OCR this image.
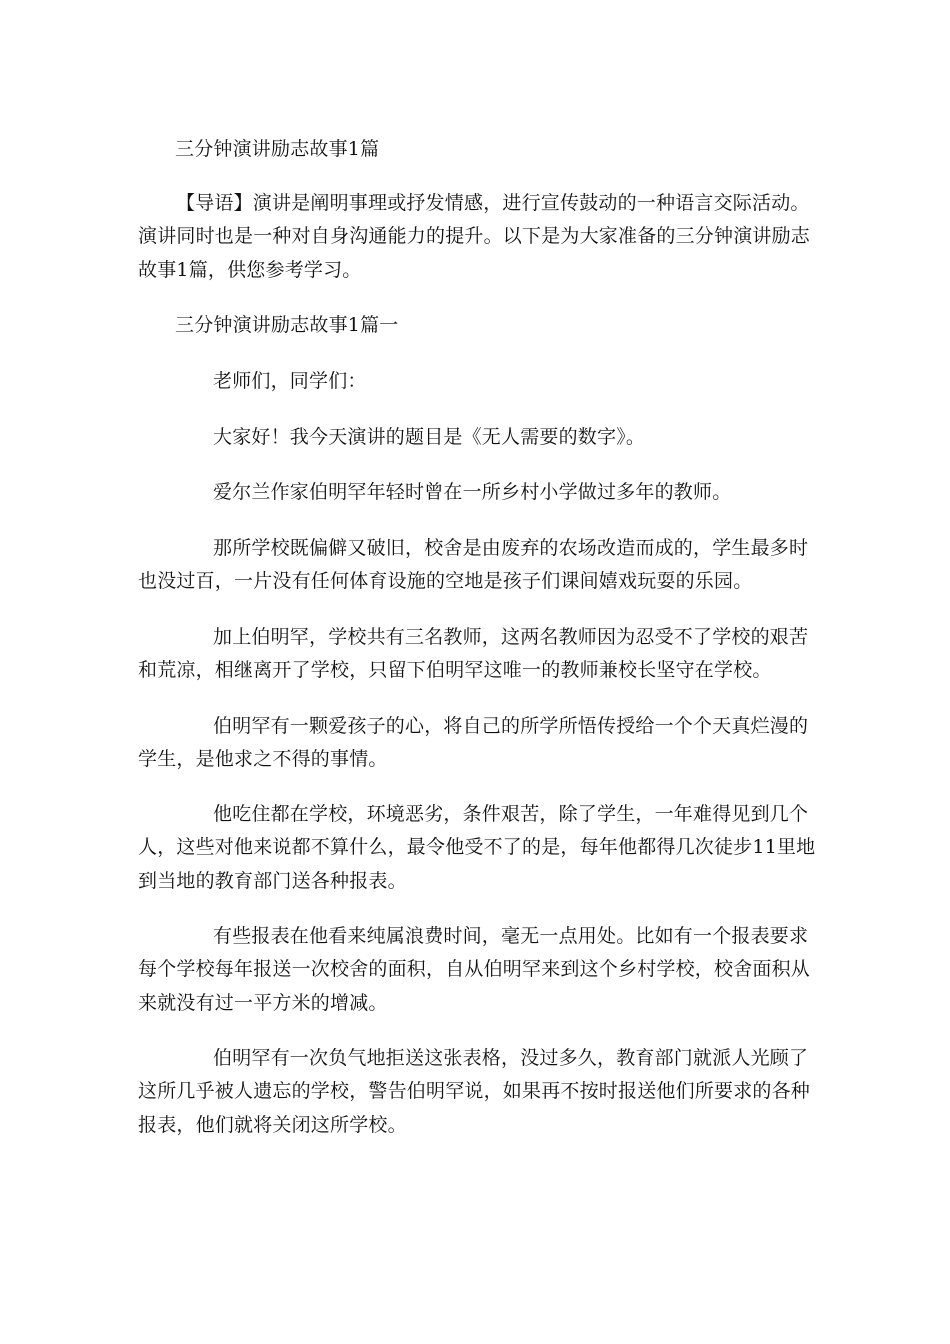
三分钟演讲励志故事1篇
【导语】演讲是阐明事理或抒发情感，进行宣传鼓动的一种语言交际活动。
演讲同时也是一种对自身沟通能力的提升。以下是为大家准备的三分钟演讲励志
故事1篇，供您参考学习。
三分钟演讲励志故事1篇一
老师们，同学们：
大家好！我今天演讲的题目是《无人需要的数字》。
爱尔兰作家伯明罕年轻时曾在一所乡村小学做过多年的教师。
那所学校既偏僻又破旧，校舍是由废弃的农场改造而成的，学生最多时
也没过百，一片没有任何体育设施的空地是孩子们课间嬉戏玩耍的乐园。
加上伯明罕，学校共有三名教师，这两名教师因为忍受不了学校的艰苦
和荒凉，相继离开了学校，只留下伯明罕这唯一的教师兼校长坚守在学校。
伯明罕有一颗爱孩子的心，将自己的所学所悟传授给一个个天真烂漫的
学生，是他求之不得的事情。
他吃住都在学校，环境恶劣，条件艰苦，除了学生，一年难得见到几个
人，这些对他来说都不算什么，最令他受不了的是，每年他都得几次徒步11里地
到当地的教育部门送各种报表。
有些报表在他看来纯属浪费时间，毫无一点用处。比如有一个报表要求
每个学校每年报送一次校舍的面积，自从伯明罕来到这个乡村学校，校舍面积从
来就没有过一平方米的增减。
伯明罕有一次负气地拒送这张表格，没过多久，教育部门就派人光顾了
这所几乎被人遗忘的学校，警告伯明罕说，如果再不按时报送他们所要求的各种
报表，他们就将关闭这所学校。
